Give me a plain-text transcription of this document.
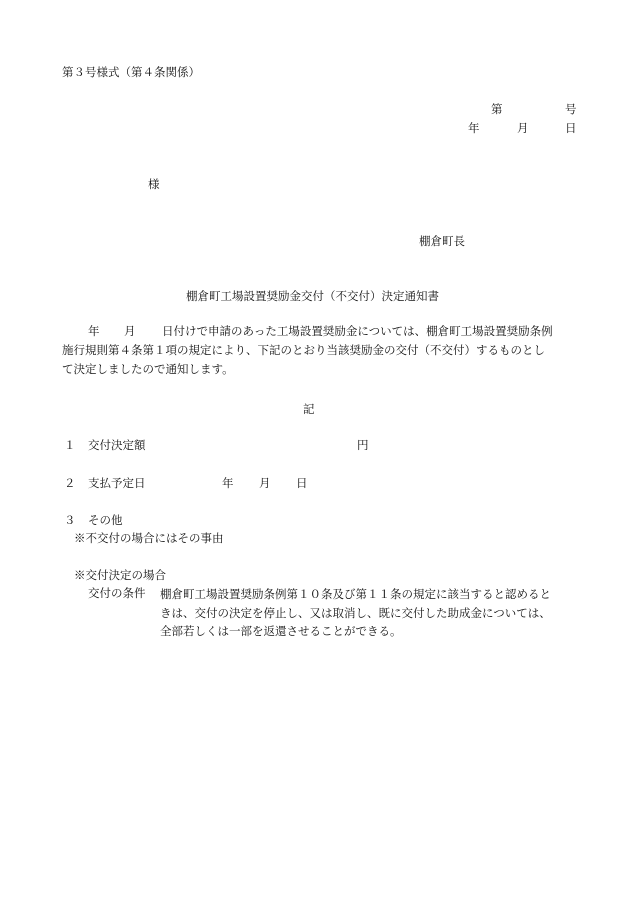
第３号様式（第４条関係）
第	号
年	月	日
様
棚倉町長
棚倉町工場設置奨励金交付（不交付）決定通知書
年 月 日付けで申請のあった工場設置奨励金については、棚倉町工場設置奨励条例
施行規則第４条第１項の規定により、下記のとおり当該奨励金の交付（不交付）するものとし
て決定しましたので通知します。
記
１ 交付決定額	円
２ 支払予定日	年 月 日
３ その他
※不交付の場合にはその事由
※交付決定の場合
交付の条件 棚倉町工場設置奨励条例第１０条及び第１１条の規定に該当すると認めると
きは、交付の決定を停止し、又は取消し、既に交付した助成金については、
全部若しくは一部を返還させることができる。
